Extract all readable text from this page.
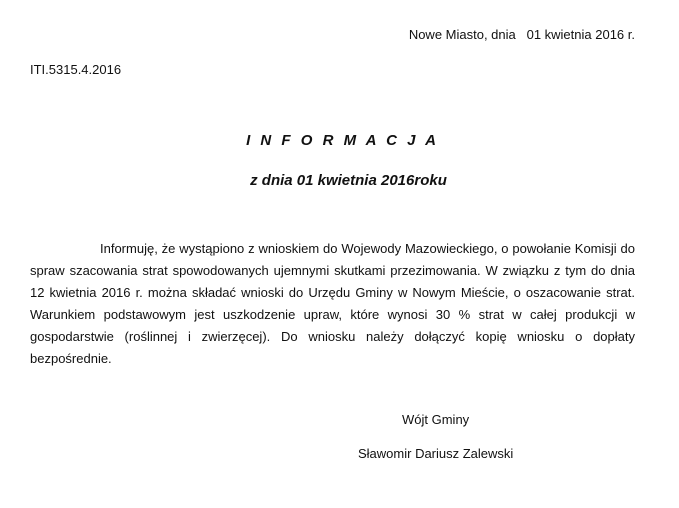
Nowe Miasto, dnia   01 kwietnia 2016 r.
ITI.5315.4.2016
I N F O R M A C J A
z dnia 01 kwietnia 2016roku

Informuję, że wystąpiono z wnioskiem do Wojewody Mazowieckiego, o powołanie Komisji do spraw szacowania strat spowodowanych ujemnymi skutkami przezimowania. W związku z tym do dnia 12 kwietnia 2016 r. można składać wnioski do Urzędu Gminy w Nowym Mieście, o oszacowanie strat. Warunkiem podstawowym jest uszkodzenie upraw, które wynosi 30 % strat w całej produkcji w gospodarstwie (roślinnej i zwierzęcej). Do wniosku należy dołączyć kopię wniosku o dopłaty bezpośrednie.

Wójt Gminy
Sławomir Dariusz Zalewski
